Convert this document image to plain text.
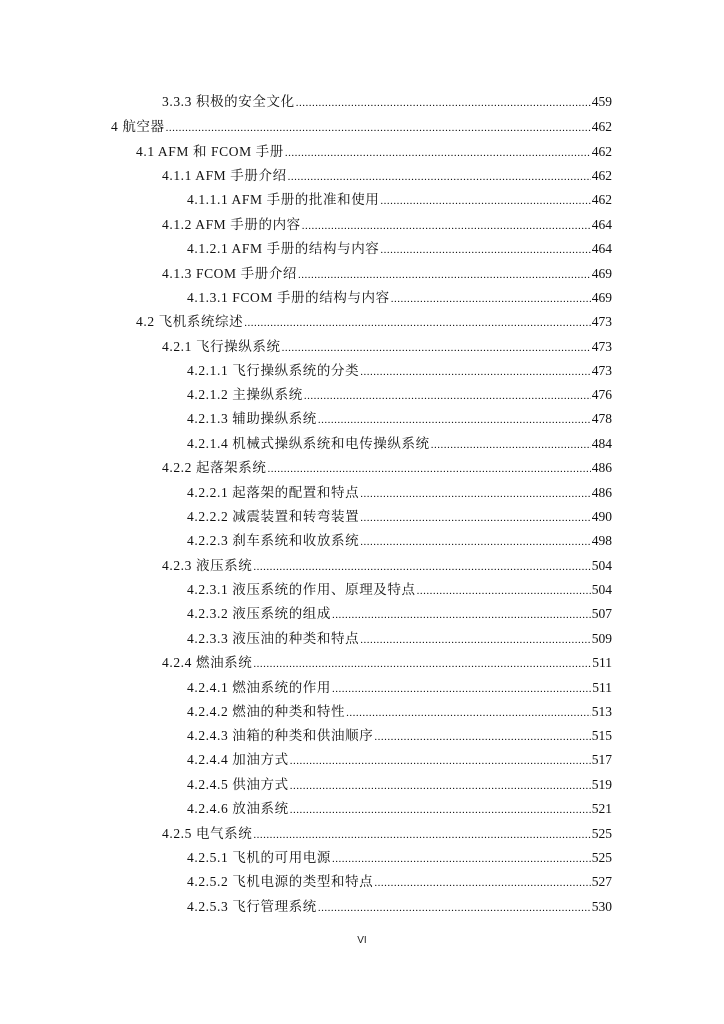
3.3.3 积极的安全文化 .....	459
4 航空器 .....	462
4.1 AFM 和 FCOM 手册 .....	462
4.1.1 AFM 手册介绍 .....	462
4.1.1.1 AFM 手册的批准和使用 .....	462
4.1.2 AFM 手册的内容 .....	464
4.1.2.1 AFM 手册的结构与内容 .....	464
4.1.3 FCOM 手册介绍 .....	469
4.1.3.1 FCOM 手册的结构与内容 .....	469
4.2 飞机系统综述 .....	473
4.2.1 飞行操纵系统 .....	473
4.2.1.1 飞行操纵系统的分类 .....	473
4.2.1.2 主操纵系统 .....	476
4.2.1.3 辅助操纵系统 .....	478
4.2.1.4 机械式操纵系统和电传操纵系统 .....	484
4.2.2 起落架系统 .....	486
4.2.2.1 起落架的配置和特点 .....	486
4.2.2.2 减震装置和转弯装置 .....	490
4.2.2.3 刹车系统和收放系统 .....	498
4.2.3 液压系统 .....	504
4.2.3.1 液压系统的作用、原理及特点 .....	504
4.2.3.2 液压系统的组成 .....	507
4.2.3.3 液压油的种类和特点 .....	509
4.2.4 燃油系统 .....	511
4.2.4.1 燃油系统的作用 .....	511
4.2.4.2 燃油的种类和特性 .....	513
4.2.4.3 油箱的种类和供油顺序 .....	515
4.2.4.4 加油方式 .....	517
4.2.4.5 供油方式 .....	519
4.2.4.6 放油系统 .....	521
4.2.5 电气系统 .....	525
4.2.5.1 飞机的可用电源 .....	525
4.2.5.2 飞机电源的类型和特点 .....	527
4.2.5.3 飞行管理系统 .....	530
VI
